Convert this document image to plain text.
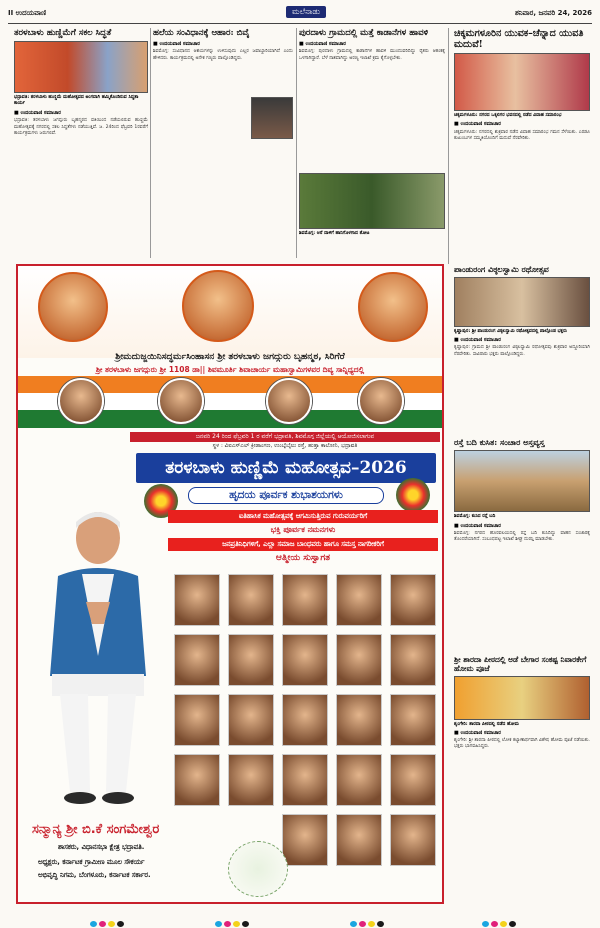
II ಉದಯವಾಣಿ	ಮಲೆನಾಡು	ಶನಿವಾರ, ಜನವರಿ 24, 2026
ತರಳಬಾಳು ಹುಣ್ಣಿಮೆಗೆ ಸಕಲ ಸಿದ್ಧತೆ
ಭದ್ರಾವತಿ: ತರಳಬಾಳು ಹುಣ್ಣಿಮೆ ಮಹೋತ್ಸವದ ಅಂಗವಾಗಿ ಹಮ್ಮಿಕೊಂಡಿರುವ ಸಿದ್ಧತಾ ಕಾರ್ಯ
■ ಉದಯವಾಣಿ ಸಮಾಚಾರ
ಭದ್ರಾವತಿ: ತರಳಬಾಳು ಜಗದ್ಗುರು ಬೃಹನ್ಮಠದ ವತಿಯಿಂದ ನಡೆಯಲಿರುವ ಹುಣ್ಣಿಮೆ ಮಹೋತ್ಸವಕ್ಕೆ ನಗರದಲ್ಲಿ ಸಕಲ ಸಿದ್ಧತೆಗಳು ನಡೆಯುತ್ತಿವೆ. ಜ. 24ರಿಂದ ಫೆಬ್ರವರಿ 1ರವರೆಗೆ ಕಾರ್ಯಕ್ರಮಗಳು ಜರುಗಲಿವೆ.
ಹಲೆಯ ಸಂವಿಧಾನಕ್ಕೆ ಆಹಾರ: ಬಿವೈ
■ ಉದಯವಾಣಿ ಸಮಾಚಾರ
ಶಿವಮೊಗ್ಗ: ಸಂವಿಧಾನದ ಆಶಯಗಳನ್ನು ಉಳಿಸುವುದು ಎಲ್ಲರ ಜವಾಬ್ದಾರಿಯಾಗಿದೆ ಎಂದು ಹೇಳಿದರು. ಕಾರ್ಯಕ್ರಮದಲ್ಲಿ ಅನೇಕ ಗಣ್ಯರು ಪಾಲ್ಗೊಂಡಿದ್ದರು.
ಪುರದಾಳು ಗ್ರಾಮದಲ್ಲಿ ಮತ್ತೆ ಕಾಡಾನೆಗಳ ಹಾವಳಿ
■ ಉದಯವಾಣಿ ಸಮಾಚಾರ
ಶಿವಮೊಗ್ಗ: ಪುರದಾಳು ಗ್ರಾಮದಲ್ಲಿ ಕಾಡಾನೆಗಳ ಹಾವಳಿ ಮುಂದುವರಿದಿದ್ದು ರೈತರು ಆತಂಕಕ್ಕೆ ಒಳಗಾಗಿದ್ದಾರೆ. ಬೆಳೆ ನಾಶವಾಗಿದ್ದು ಅರಣ್ಯ ಇಲಾಖೆ ಕ್ರಮ ಕೈಗೊಳ್ಳಬೇಕು.
ಶಿವಮೊಗ್ಗ: ಆನೆ ದಾಳಿಗೆ ಹಾನಿಗೊಳಗಾದ ತೋಟ
ಚಿಕ್ಕಮಗಳೂರಿನ ಯುವಕ–ಚೆನ್ನಾದ ಯುವತಿ ಮದುವೆ!
ಚಿಕ್ಕಮಗಳೂರು: ನಗರದ ಒಕ್ಕಲಿಗರ ಭವನದಲ್ಲಿ ನಡೆದ ವಿವಾಹ ಸಮಾರಂಭ
■ ಉದಯವಾಣಿ ಸಮಾಚಾರ
ಚಿಕ್ಕಮಗಳೂರು: ನಗರದಲ್ಲಿ ಶುಕ್ರವಾರ ನಡೆದ ವಿವಾಹ ಸಮಾರಂಭ ಗಮನ ಸೆಳೆಯಿತು. ಎರಡೂ ಕುಟುಂಬಗಳ ಸಮ್ಮತಿಯೊಂದಿಗೆ ಮದುವೆ ನೆರವೇರಿತು.
ಶ್ರೀಮದುಜ್ಜಯಿನಿಸದ್ಧರ್ಮಸಿಂಹಾಸನ ಶ್ರೀ ತರಳಬಾಳು ಜಗದ್ಗುರು ಬೃಹನ್ಮಠ, ಸಿರಿಗೆರೆ
ಶ್ರೀ ತರಳಬಾಳು ಜಗದ್ಗುರು ಶ್ರೀ 1108 ಡಾ|| ಶಿವಮೂರ್ತಿ ಶಿವಾಚಾರ್ಯ ಮಹಾಸ್ವಾಮಿಗಳವರ ದಿವ್ಯ ಸಾನ್ನಿಧ್ಯದಲ್ಲಿ
ಜನವರಿ 24 ರಿಂದ ಫೆಬ್ರವರಿ 1 ರ ವರೆಗೆ ಭದ್ರಾವತಿ, ಶಿವಮೊಗ್ಗ ಜಿಲ್ಲೆಯಲ್ಲಿ ಆಯೋಜಿಸಲಾಗುವ
ಸ್ಥಳ : ವಿಐಎಸ್‌ಎಲ್ ಕ್ರೀಡಾಂಗಣ, ಉಂಬ್ಳೆಬೈಲು ರಸ್ತೆ, ಹುತ್ತಾ ಕಾಲೋನಿ, ಭದ್ರಾವತಿ
ತರಳಬಾಳು ಹುಣ್ಣಿಮೆ ಮಹೋತ್ಸವ–2026
ಹೃದಯ ಪೂರ್ವಕ ಶುಭಾಶಯಗಳು
ಐತಿಹಾಸಿಕ ಮಹೋತ್ಸವಕ್ಕೆ ಆಗಮಿಸುತ್ತಿರುವ ಗುರುವರ್ಯರಿಗೆ
ಭಕ್ತಿ ಪೂರ್ವಕ ನಮನಗಳು
ಜನಪ್ರತಿನಿಧಿಗಳಿಗೆ, ಎಲ್ಲಾ ಸಮಾಜ ಬಾಂಧವರು ಹಾಗೂ ಸಮಸ್ತ ನಾಗರೀಕರಿಗೆ
ಆತ್ಮೀಯ ಸುಸ್ವಾಗತ
ಸನ್ಮಾನ್ಯ ಶ್ರೀ ಬಿ.ಕೆ ಸಂಗಮೇಶ್ವರ
ಶಾಸಕರು, ವಿಧಾನಸಭಾ ಕ್ಷೇತ್ರ ಭದ್ರಾವತಿ.
ಅಧ್ಯಕ್ಷರು, ಕರ್ನಾಟಕ ಗ್ರಾಮೀಣ ಮೂಲ ಸೌಕರ್ಯ
ಅಭಿವೃದ್ಧಿ ನಿಗಮ, ಬೆಂಗಳೂರು, ಕರ್ನಾಟಕ ಸರ್ಕಾರ.
ಪಾಂಡುರಂಗ ವಿಠ್ಠಲಸ್ವಾಮಿ ರಥೋತ್ಸವ
ಕೃಷ್ಣಾಪುರ: ಶ್ರೀ ಪಾಂಡುರಂಗ ವಿಠ್ಠಲಸ್ವಾಮಿ ರಥೋತ್ಸವದಲ್ಲಿ ಪಾಲ್ಗೊಂಡ ಭಕ್ತರು
■ ಉದಯವಾಣಿ ಸಮಾಚಾರ
ಕೃಷ್ಣಾಪುರ: ಗ್ರಾಮದ ಶ್ರೀ ಪಾಂಡುರಂಗ ವಿಠ್ಠಲಸ್ವಾಮಿ ರಥೋತ್ಸವವು ಶುಕ್ರವಾರ ಅದ್ದೂರಿಯಾಗಿ ನೆರವೇರಿತು. ಸಾವಿರಾರು ಭಕ್ತರು ಪಾಲ್ಗೊಂಡಿದ್ದರು.
ರಸ್ತೆ ಬದಿ ಕುಸಿತ: ಸಂಚಾರ ಅಸ್ತವ್ಯಸ್ತ
ಶಿವಮೊಗ್ಗ: ಕುಸಿದ ರಸ್ತೆ ಬದಿ
■ ಉದಯವಾಣಿ ಸಮಾಚಾರ
ಶಿವಮೊಗ್ಗ: ನಗರದ ಹೊರವಲಯದಲ್ಲಿ ರಸ್ತೆ ಬದಿ ಕುಸಿದಿದ್ದು ವಾಹನ ಸಂಚಾರಕ್ಕೆ ತೊಂದರೆಯಾಗಿದೆ. ಸಂಬಂಧಪಟ್ಟ ಇಲಾಖೆ ಶೀಘ್ರ ದುರಸ್ತಿ ಮಾಡಬೇಕು.
ಶ್ರೀ ಶಾರದಾ ಪೀಠದಲ್ಲಿ ಅಡೆ ಬೇಗಾರ ಸಂಕಷ್ಟ ನಿವಾರಕೇಗೆ ಹೋಮ ಪೂಜೆ
ಶೃಂಗೇರಿ: ಶಾರದಾ ಪೀಠದಲ್ಲಿ ನಡೆದ ಹೋಮ
■ ಉದಯವಾಣಿ ಸಮಾಚಾರ
ಶೃಂಗೇರಿ: ಶ್ರೀ ಶಾರದಾ ಪೀಠದಲ್ಲಿ ಲೋಕ ಕಲ್ಯಾಣಾರ್ಥವಾಗಿ ವಿಶೇಷ ಹೋಮ ಪೂಜೆ ನಡೆಯಿತು. ಭಕ್ತರು ಭಾಗವಹಿಸಿದ್ದರು.
